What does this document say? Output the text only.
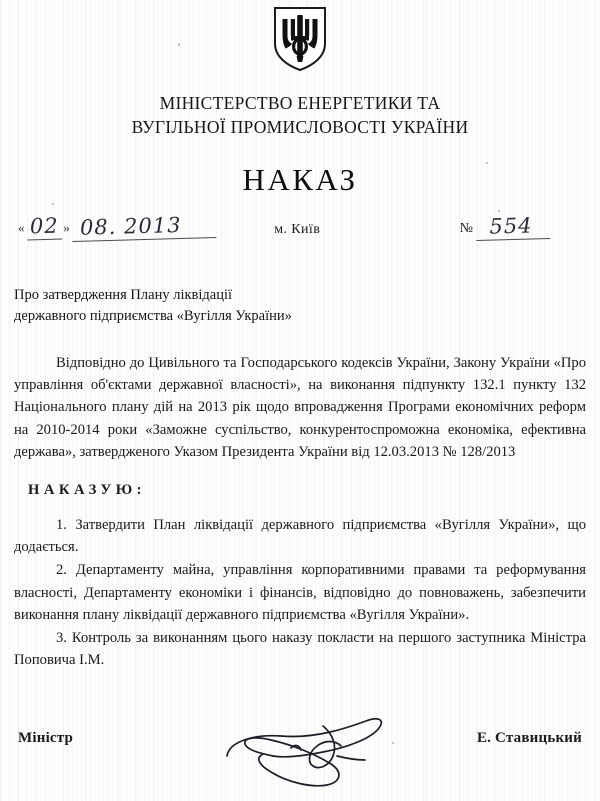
МІНІСТЕРСТВО ЕНЕРГЕТИКИ ТА
ВУГІЛЬНОЇ ПРОМИСЛОВОСТІ УКРАЇНИ
НАКАЗ
« 02 » 08. 2013	м. Київ	№ 554
Про затвердження Плану ліквідації
державного підприємства «Вугілля України»

Відповідно до Цивільного та Господарського кодексів України, Закону України «Про управління об'єктами державної власності», на виконання підпункту 132.1 пункту 132 Національного плану дій на 2013 рік щодо впровадження Програми економічних реформ на 2010-2014 роки «Заможне суспільство, конкурентоспроможна економіка, ефективна держава», затвердженого Указом Президента України від 12.03.2013 № 128/2013

НАКАЗУЮ:

1. Затвердити План ліквідації державного підприємства «Вугілля України», що додається.

2. Департаменту майна, управління корпоративними правами та реформування власності, Департаменту економіки і фінансів, відповідно до повноважень, забезпечити виконання плану ліквідації державного підприємства «Вугілля України».

3. Контроль за виконанням цього наказу покласти на першого заступника Міністра Поповича І.М.

Міністр	Е. Ставицький
